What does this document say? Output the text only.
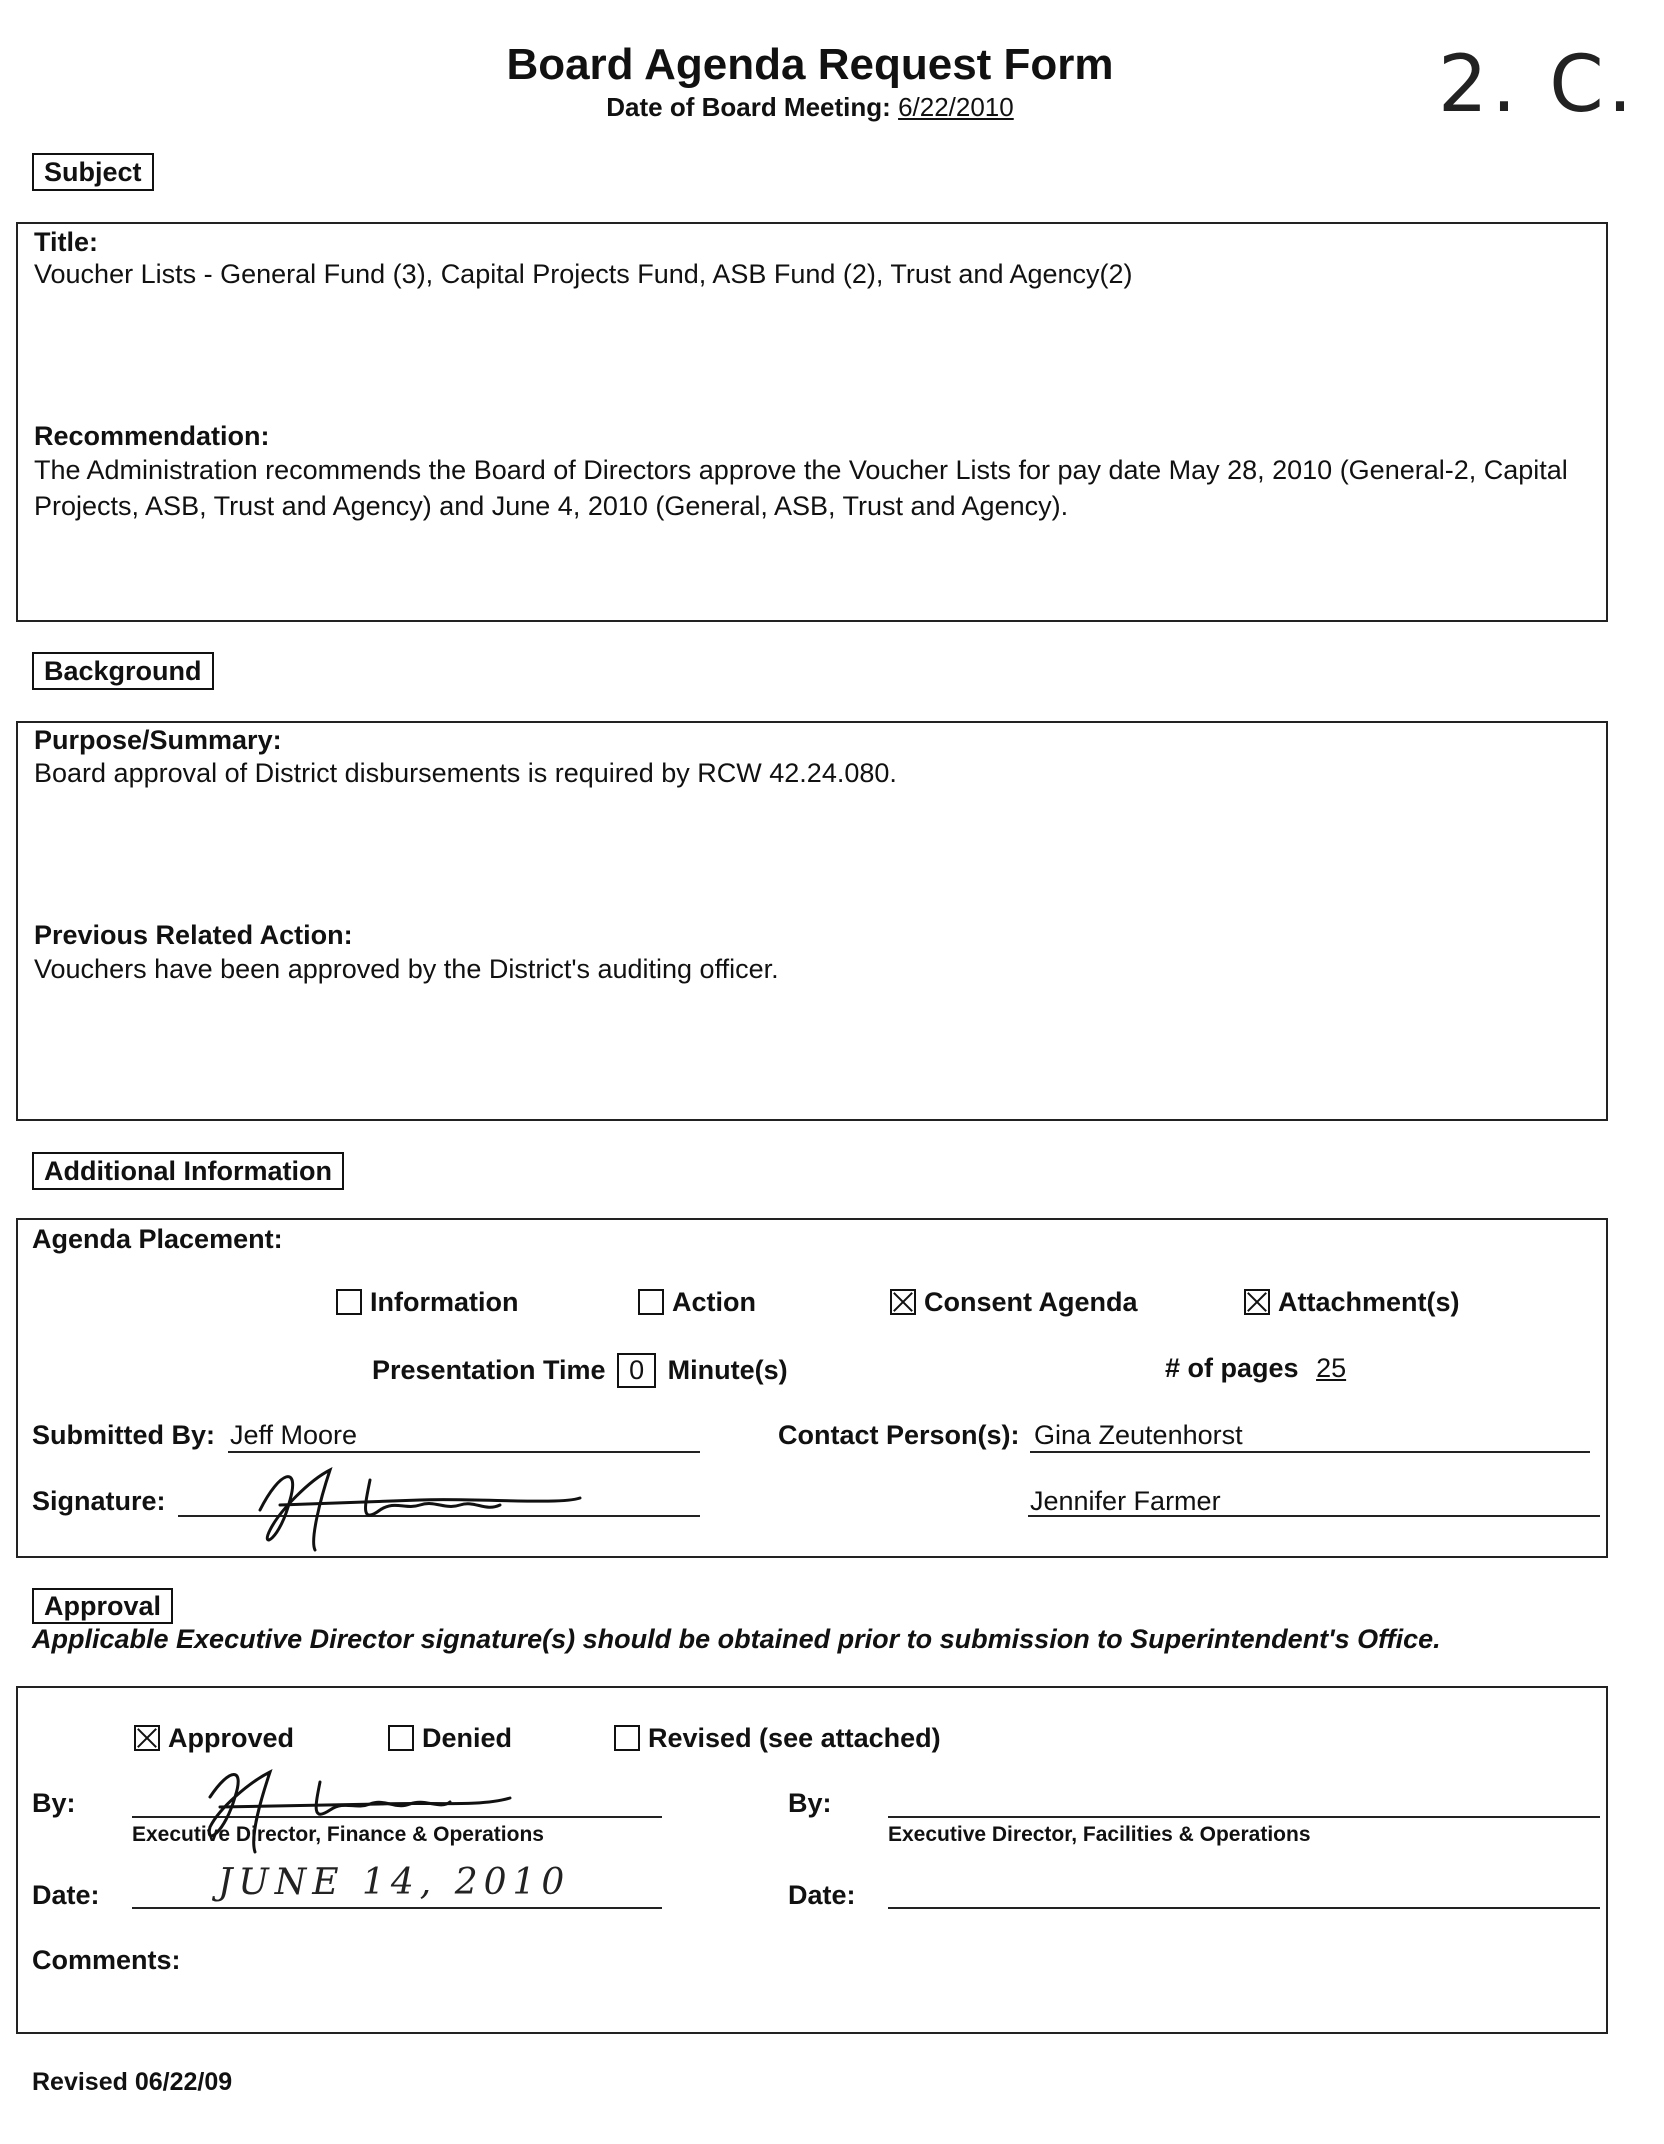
Board Agenda Request Form
Date of Board Meeting: 6/22/2010	2. C.
Subject
Title:
Voucher Lists - General Fund (3), Capital Projects Fund, ASB Fund (2), Trust and Agency(2)
Recommendation:
The Administration recommends the Board of Directors approve the Voucher Lists for pay date May 28, 2010 (General-2, Capital Projects, ASB, Trust and Agency) and June 4, 2010 (General, ASB, Trust and Agency).
Background
Purpose/Summary:
Board approval of District disbursements is required by RCW 42.24.080.
Previous Related Action:
Vouchers have been approved by the District's auditing officer.
Additional Information
Agenda Placement:
Information	Action	Consent Agenda	Attachment(s)
Presentation Time 0 Minute(s)	# of pages 25
Submitted By: Jeff Moore	Contact Person(s): Gina Zeutenhorst
Signature:	Jennifer Farmer
Approval
Applicable Executive Director signature(s) should be obtained prior to submission to Superintendent's Office.
Approved	Denied	Revised (see attached)
By:
Executive Director, Finance & Operations
By:
Executive Director, Facilities & Operations
Date:	JUNE 14, 2010	Date:
Comments:
Revised 06/22/09
